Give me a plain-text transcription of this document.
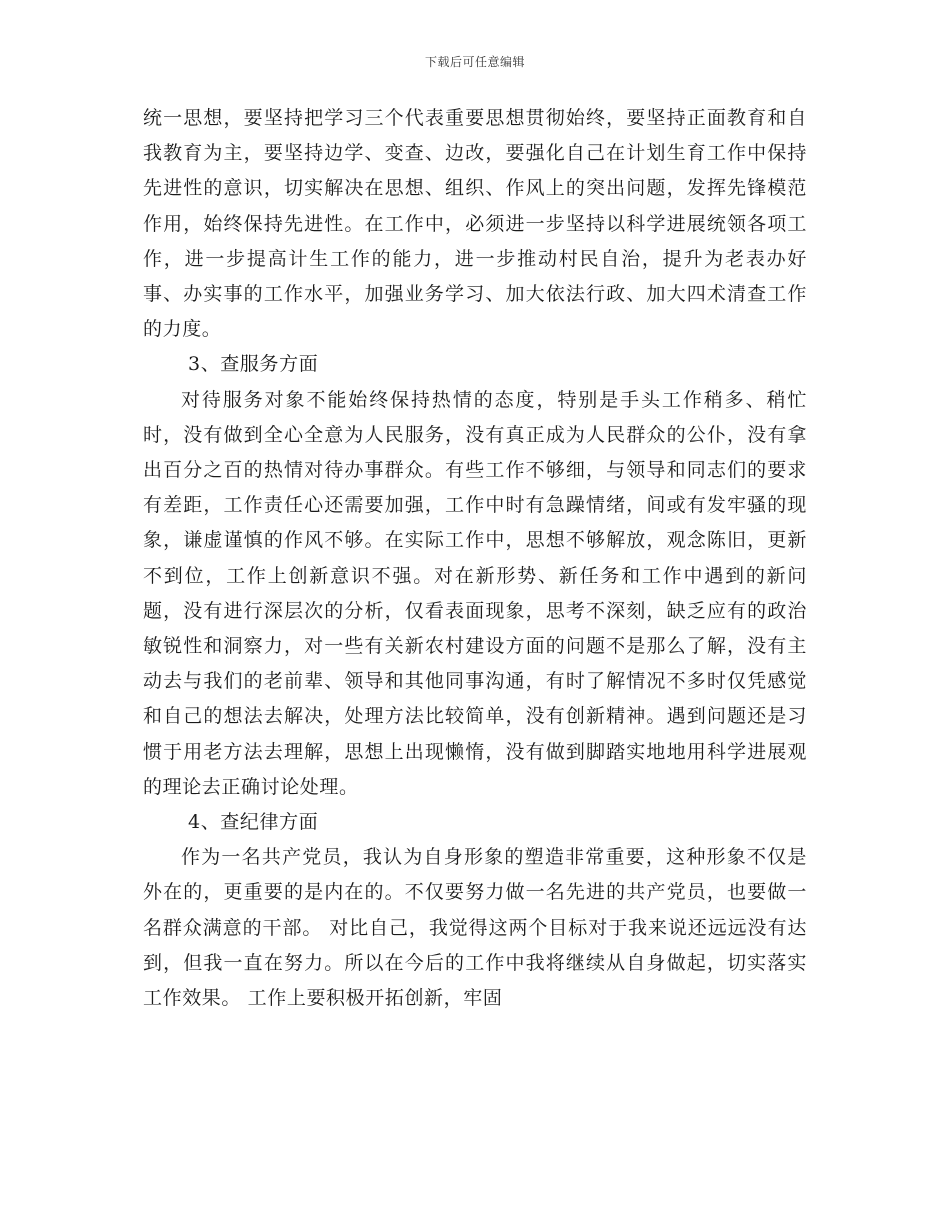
下载后可任意编辑

统一思想，要坚持把学习三个代表重要思想贯彻始终，要坚持正面教育和自我教育为主，要坚持边学、变查、边改，要强化自己在计划生育工作中保持先进性的意识，切实解决在思想、组织、作风上的突出问题，发挥先锋模范作用，始终保持先进性。在工作中，必须进一步坚持以科学进展统领各项工作，进一步提高计生工作的能力，进一步推动村民自治，提升为老表办好事、办实事的工作水平，加强业务学习、加大依法行政、加大四术清查工作的力度。

3、查服务方面

对待服务对象不能始终保持热情的态度，特别是手头工作稍多、稍忙时，没有做到全心全意为人民服务，没有真正成为人民群众的公仆，没有拿出百分之百的热情对待办事群众。有些工作不够细，与领导和同志们的要求有差距，工作责任心还需要加强，工作中时有急躁情绪，间或有发牢骚的现象，谦虚谨慎的作风不够。在实际工作中，思想不够解放，观念陈旧，更新不到位，工作上创新意识不强。对在新形势、新任务和工作中遇到的新问题，没有进行深层次的分析，仅看表面现象，思考不深刻，缺乏应有的政治敏锐性和洞察力，对一些有关新农村建设方面的问题不是那么了解，没有主动去与我们的老前辈、领导和其他同事沟通，有时了解情况不多时仅凭感觉和自己的想法去解决，处理方法比较简单，没有创新精神。遇到问题还是习惯于用老方法去理解，思想上出现懒惰，没有做到脚踏实地地用科学进展观的理论去正确讨论处理。

4、查纪律方面

作为一名共产党员，我认为自身形象的塑造非常重要，这种形象不仅是外在的，更重要的是内在的。不仅要努力做一名先进的共产党员，也要做一名群众满意的干部。 对比自己，我觉得这两个目标对于我来说还远远没有达到，但我一直在努力。所以在今后的工作中我将继续从自身做起，切实落实工作效果。 工作上要积极开拓创新，牢固
